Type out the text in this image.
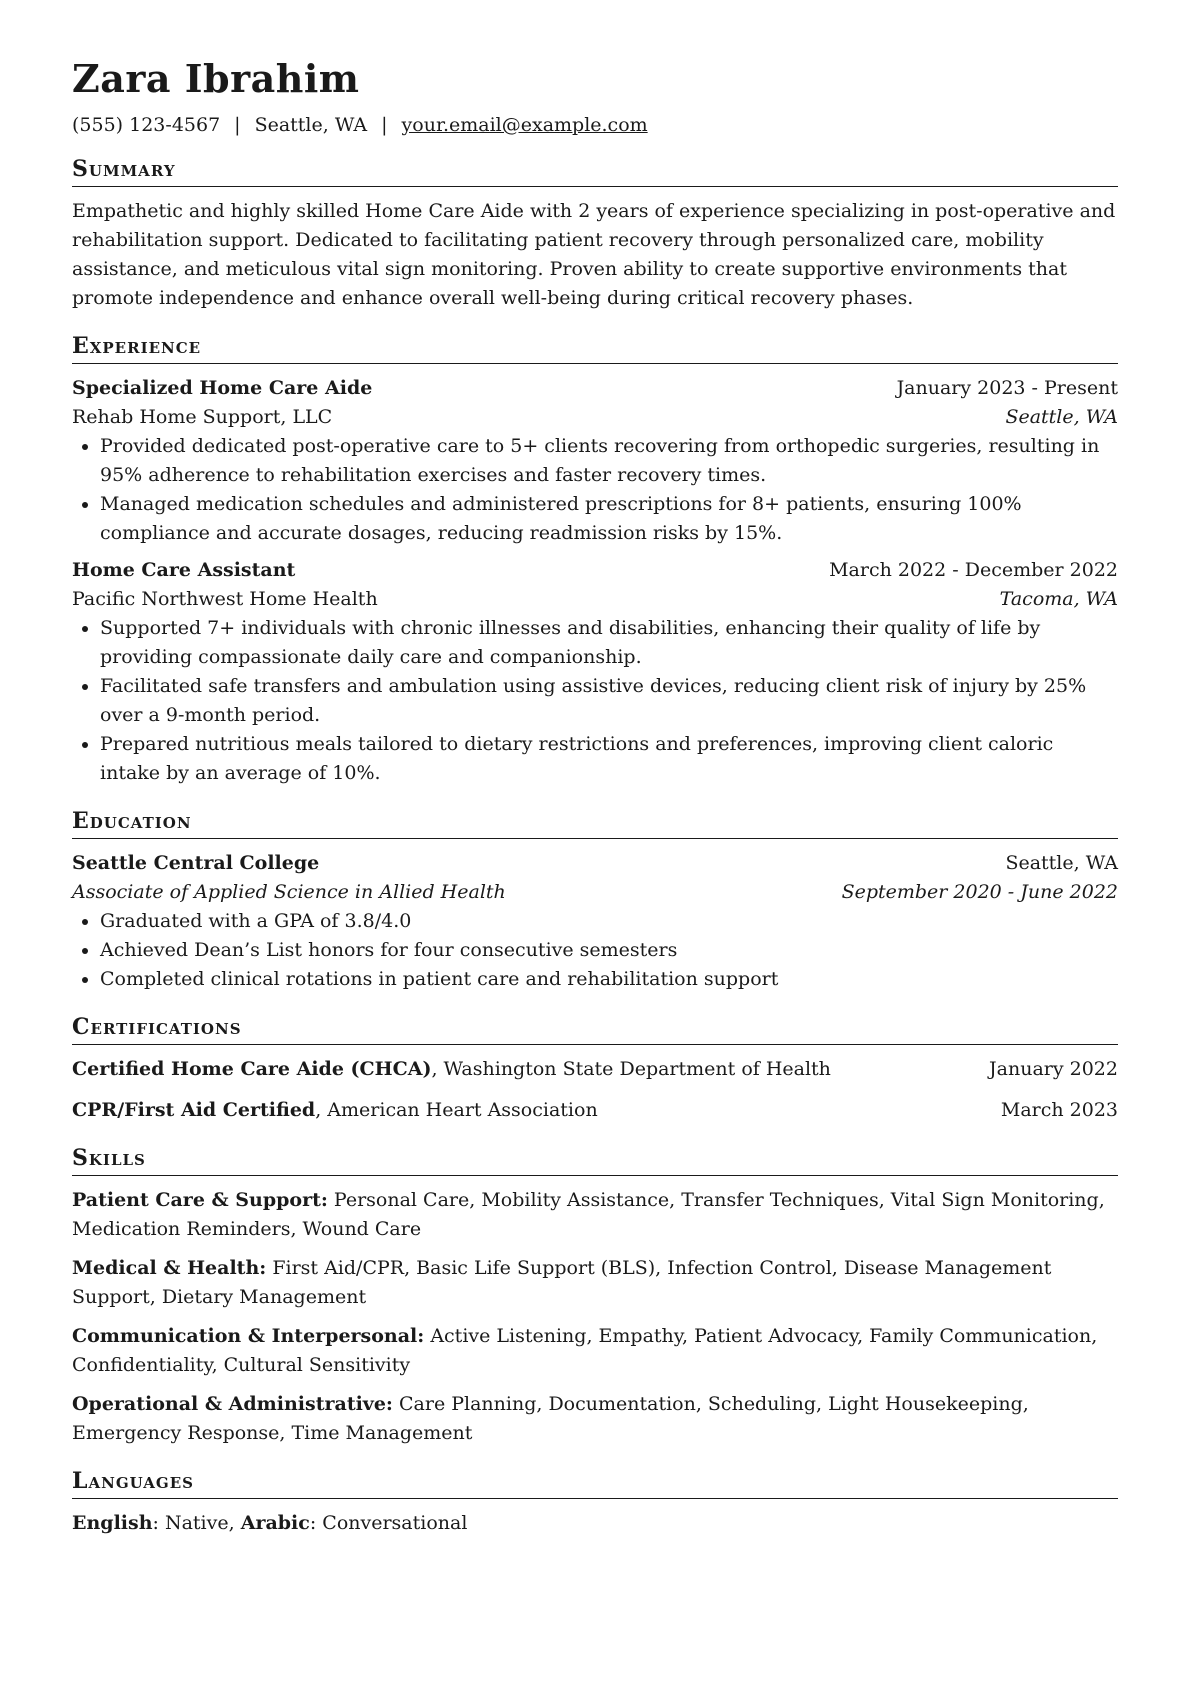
Zara Ibrahim
(555) 123-4567 | Seattle, WA | your.email@example.com
Summary

Empathetic and highly skilled Home Care Aide with 2 years of experience specializing in post-operative and rehabilitation support. Dedicated to facilitating patient recovery through personalized care, mobility assistance, and meticulous vital sign monitoring. Proven ability to create supportive environments that promote independence and enhance overall well-being during critical recovery phases.

Experience
Specialized Home Care Aide	January 2023 - Present
Rehab Home Support, LLC	Seattle, WA
• Provided dedicated post-operative care to 5+ clients recovering from orthopedic surgeries, resulting in 95% adherence to rehabilitation exercises and faster recovery times.
• Managed medication schedules and administered prescriptions for 8+ patients, ensuring 100% compliance and accurate dosages, reducing readmission risks by 15%.
Home Care Assistant	March 2022 - December 2022
Pacific Northwest Home Health	Tacoma, WA
• Supported 7+ individuals with chronic illnesses and disabilities, enhancing their quality of life by providing compassionate daily care and companionship.
• Facilitated safe transfers and ambulation using assistive devices, reducing client risk of injury by 25% over a 9-month period.
• Prepared nutritious meals tailored to dietary restrictions and preferences, improving client caloric intake by an average of 10%.
Education
Seattle Central College	Seattle, WA
Associate of Applied Science in Allied Health	September 2020 - June 2022
• Graduated with a GPA of 3.8/4.0
• Achieved Dean’s List honors for four consecutive semesters
• Completed clinical rotations in patient care and rehabilitation support
Certifications
Certified Home Care Aide (CHCA), Washington State Department of Health	January 2022
CPR/First Aid Certified, American Heart Association	March 2023
Skills
Patient Care & Support: Personal Care, Mobility Assistance, Transfer Techniques, Vital Sign Monitoring, Medication Reminders, Wound Care
Medical & Health: First Aid/CPR, Basic Life Support (BLS), Infection Control, Disease Management Support, Dietary Management
Communication & Interpersonal: Active Listening, Empathy, Patient Advocacy, Family Communication, Confidentiality, Cultural Sensitivity
Operational & Administrative: Care Planning, Documentation, Scheduling, Light Housekeeping, Emergency Response, Time Management
Languages
English: Native, Arabic: Conversational
